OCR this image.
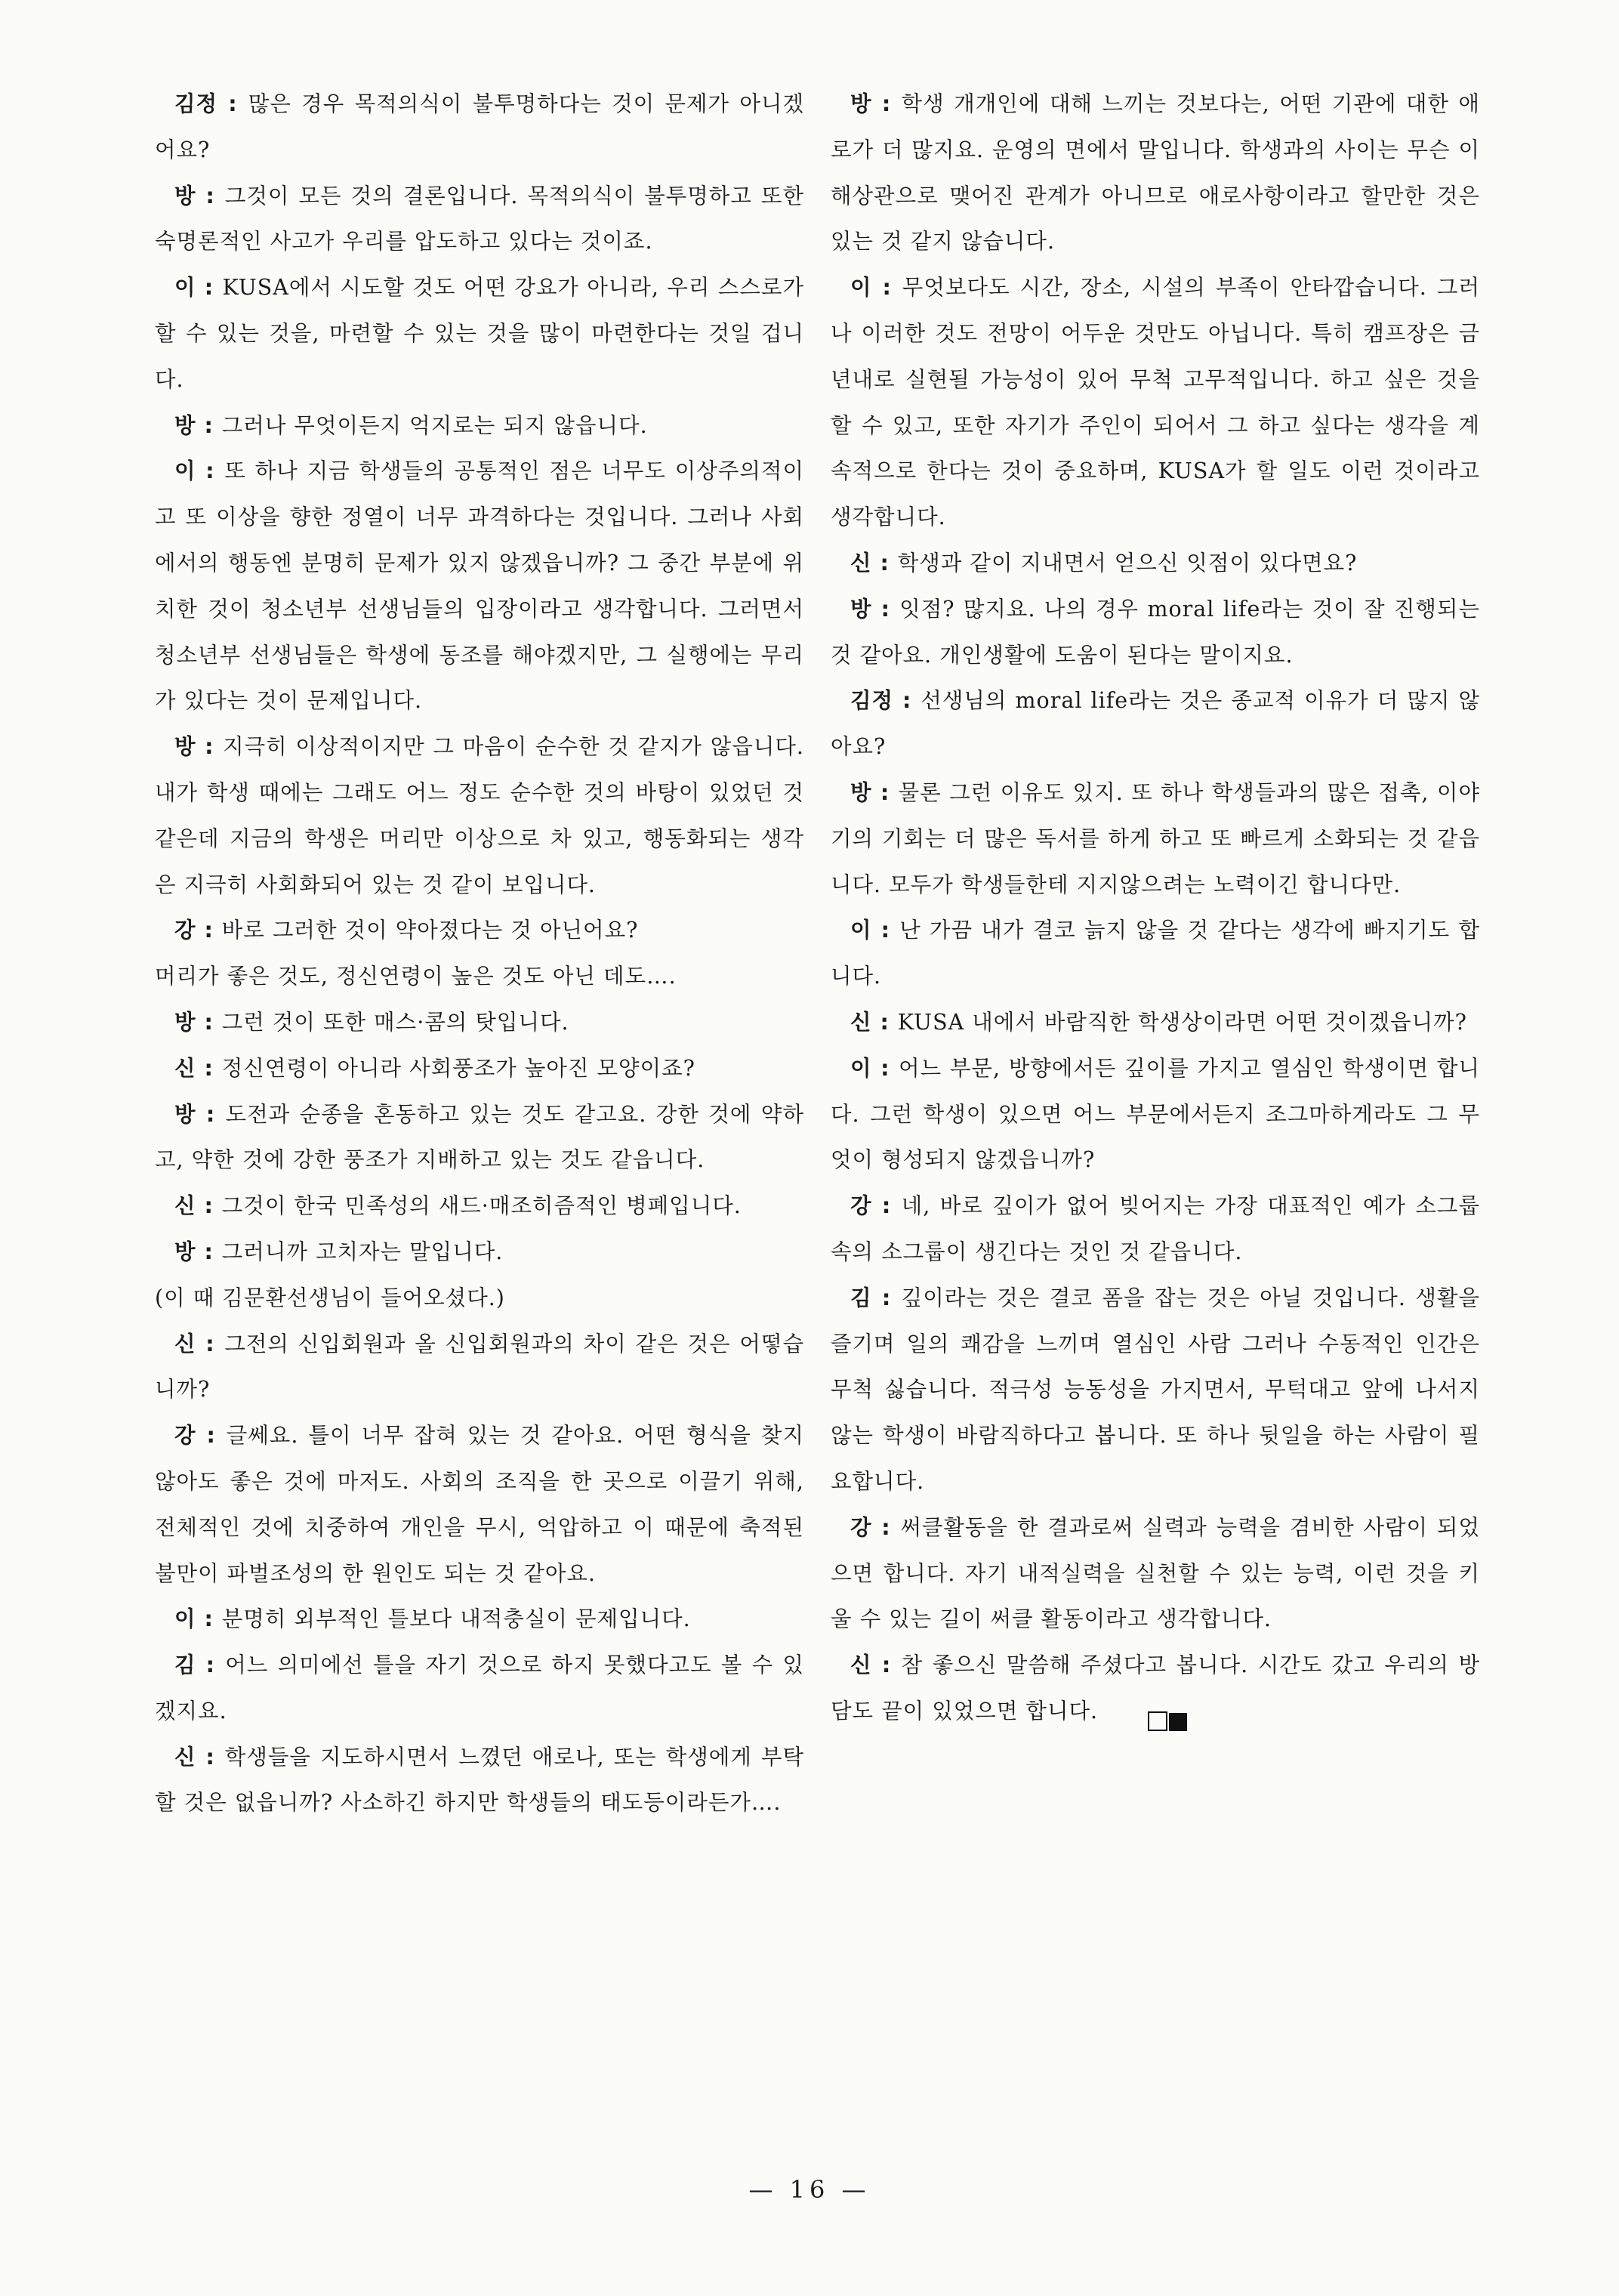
김정 : 많은 경우 목적의식이 불투명하다는 것이 문제가 아니겠어요?

방 : 그것이 모든 것의 결론입니다. 목적의식이 불투명하고 또한 숙명론적인 사고가 우리를 압도하고 있다는 것이죠.

이 : KUSA에서 시도할 것도 어떤 강요가 아니라, 우리 스스로가 할 수 있는 것을, 마련할 수 있는 것을 많이 마련한다는 것일 겁니다.

방 : 그러나 무엇이든지 억지로는 되지 않읍니다.

이 : 또 하나 지금 학생들의 공통적인 점은 너무도 이상주의적이고 또 이상을 향한 정열이 너무 과격하다는 것입니다. 그러나 사회에서의 행동엔 분명히 문제가 있지 않겠읍니까? 그 중간 부분에 위치한 것이 청소년부 선생님들의 입장이라고 생각합니다. 그러면서 청소년부 선생님들은 학생에 동조를 해야겠지만, 그 실행에는 무리가 있다는 것이 문제입니다.

방 : 지극히 이상적이지만 그 마음이 순수한 것 같지가 않읍니다. 내가 학생 때에는 그래도 어느 정도 순수한 것의 바탕이 있었던 것 같은데 지금의 학생은 머리만 이상으로 차 있고, 행동화되는 생각은 지극히 사회화되어 있는 것 같이 보입니다.

강 : 바로 그러한 것이 약아졌다는 것 아닌어요?

머리가 좋은 것도, 정신연령이 높은 것도 아닌 데도….

방 : 그런 것이 또한 매스·콤의 탓입니다.

신 : 정신연령이 아니라 사회풍조가 높아진 모양이죠?

방 : 도전과 순종을 혼동하고 있는 것도 같고요. 강한 것에 약하고, 약한 것에 강한 풍조가 지배하고 있는 것도 같읍니다.

신 : 그것이 한국 민족성의 새드·매조히즘적인 병폐입니다.

방 : 그러니까 고치자는 말입니다.

(이 때 김문환선생님이 들어오셨다.)

신 : 그전의 신입회원과 올 신입회원과의 차이 같은 것은 어떻습니까?

강 : 글쎄요. 틀이 너무 잡혀 있는 것 같아요. 어떤 형식을 찾지 않아도 좋은 것에 마저도. 사회의 조직을 한 곳으로 이끌기 위해, 전체적인 것에 치중하여 개인을 무시, 억압하고 이 때문에 축적된 불만이 파벌조성의 한 원인도 되는 것 같아요.

이 : 분명히 외부적인 틀보다 내적충실이 문제입니다.

김 : 어느 의미에선 틀을 자기 것으로 하지 못했다고도 볼 수 있겠지요.

신 : 학생들을 지도하시면서 느꼈던 애로나, 또는 학생에게 부탁할 것은 없읍니까? 사소하긴 하지만 학생들의 태도등이라든가….

방 : 학생 개개인에 대해 느끼는 것보다는, 어떤 기관에 대한 애로가 더 많지요. 운영의 면에서 말입니다. 학생과의 사이는 무슨 이해상관으로 맺어진 관계가 아니므로 애로사항이라고 할만한 것은 있는 것 같지 않습니다.

이 : 무엇보다도 시간, 장소, 시설의 부족이 안타깝습니다. 그러나 이러한 것도 전망이 어두운 것만도 아닙니다. 특히 캠프장은 금년내로 실현될 가능성이 있어 무척 고무적입니다. 하고 싶은 것을 할 수 있고, 또한 자기가 주인이 되어서 그 하고 싶다는 생각을 계속적으로 한다는 것이 중요하며, KUSA가 할 일도 이런 것이라고 생각합니다.

신 : 학생과 같이 지내면서 얻으신 잇점이 있다면요?

방 : 잇점? 많지요. 나의 경우 moral life라는 것이 잘 진행되는 것 같아요. 개인생활에 도움이 된다는 말이지요.

김정 : 선생님의 moral life라는 것은 종교적 이유가 더 많지 않아요?

방 : 물론 그런 이유도 있지. 또 하나 학생들과의 많은 접촉, 이야기의 기회는 더 많은 독서를 하게 하고 또 빠르게 소화되는 것 같읍니다. 모두가 학생들한테 지지않으려는 노력이긴 합니다만.

이 : 난 가끔 내가 결코 늙지 않을 것 같다는 생각에 빠지기도 합니다.

신 : KUSA 내에서 바람직한 학생상이라면 어떤 것이겠읍니까?

이 : 어느 부문, 방향에서든 깊이를 가지고 열심인 학생이면 합니다. 그런 학생이 있으면 어느 부문에서든지 조그마하게라도 그 무엇이 형성되지 않겠읍니까?

강 : 네, 바로 깊이가 없어 빚어지는 가장 대표적인 예가 소그룹속의 소그룹이 생긴다는 것인 것 같읍니다.

김 : 깊이라는 것은 결코 폼을 잡는 것은 아닐 것입니다. 생활을 즐기며 일의 쾌감을 느끼며 열심인 사람 그러나 수동적인 인간은 무척 싫습니다. 적극성 능동성을 가지면서, 무턱대고 앞에 나서지 않는 학생이 바람직하다고 봅니다. 또 하나 뒷일을 하는 사람이 필요합니다.

강 : 써클활동을 한 결과로써 실력과 능력을 겸비한 사람이 되었으면 합니다. 자기 내적실력을 실천할 수 있는 능력, 이런 것을 키울 수 있는 길이 써클 활동이라고 생각합니다.

신 : 참 좋으신 말씀해 주셨다고 봅니다. 시간도 갔고 우리의 방담도 끝이 있었으면 합니다.

— 16 —
